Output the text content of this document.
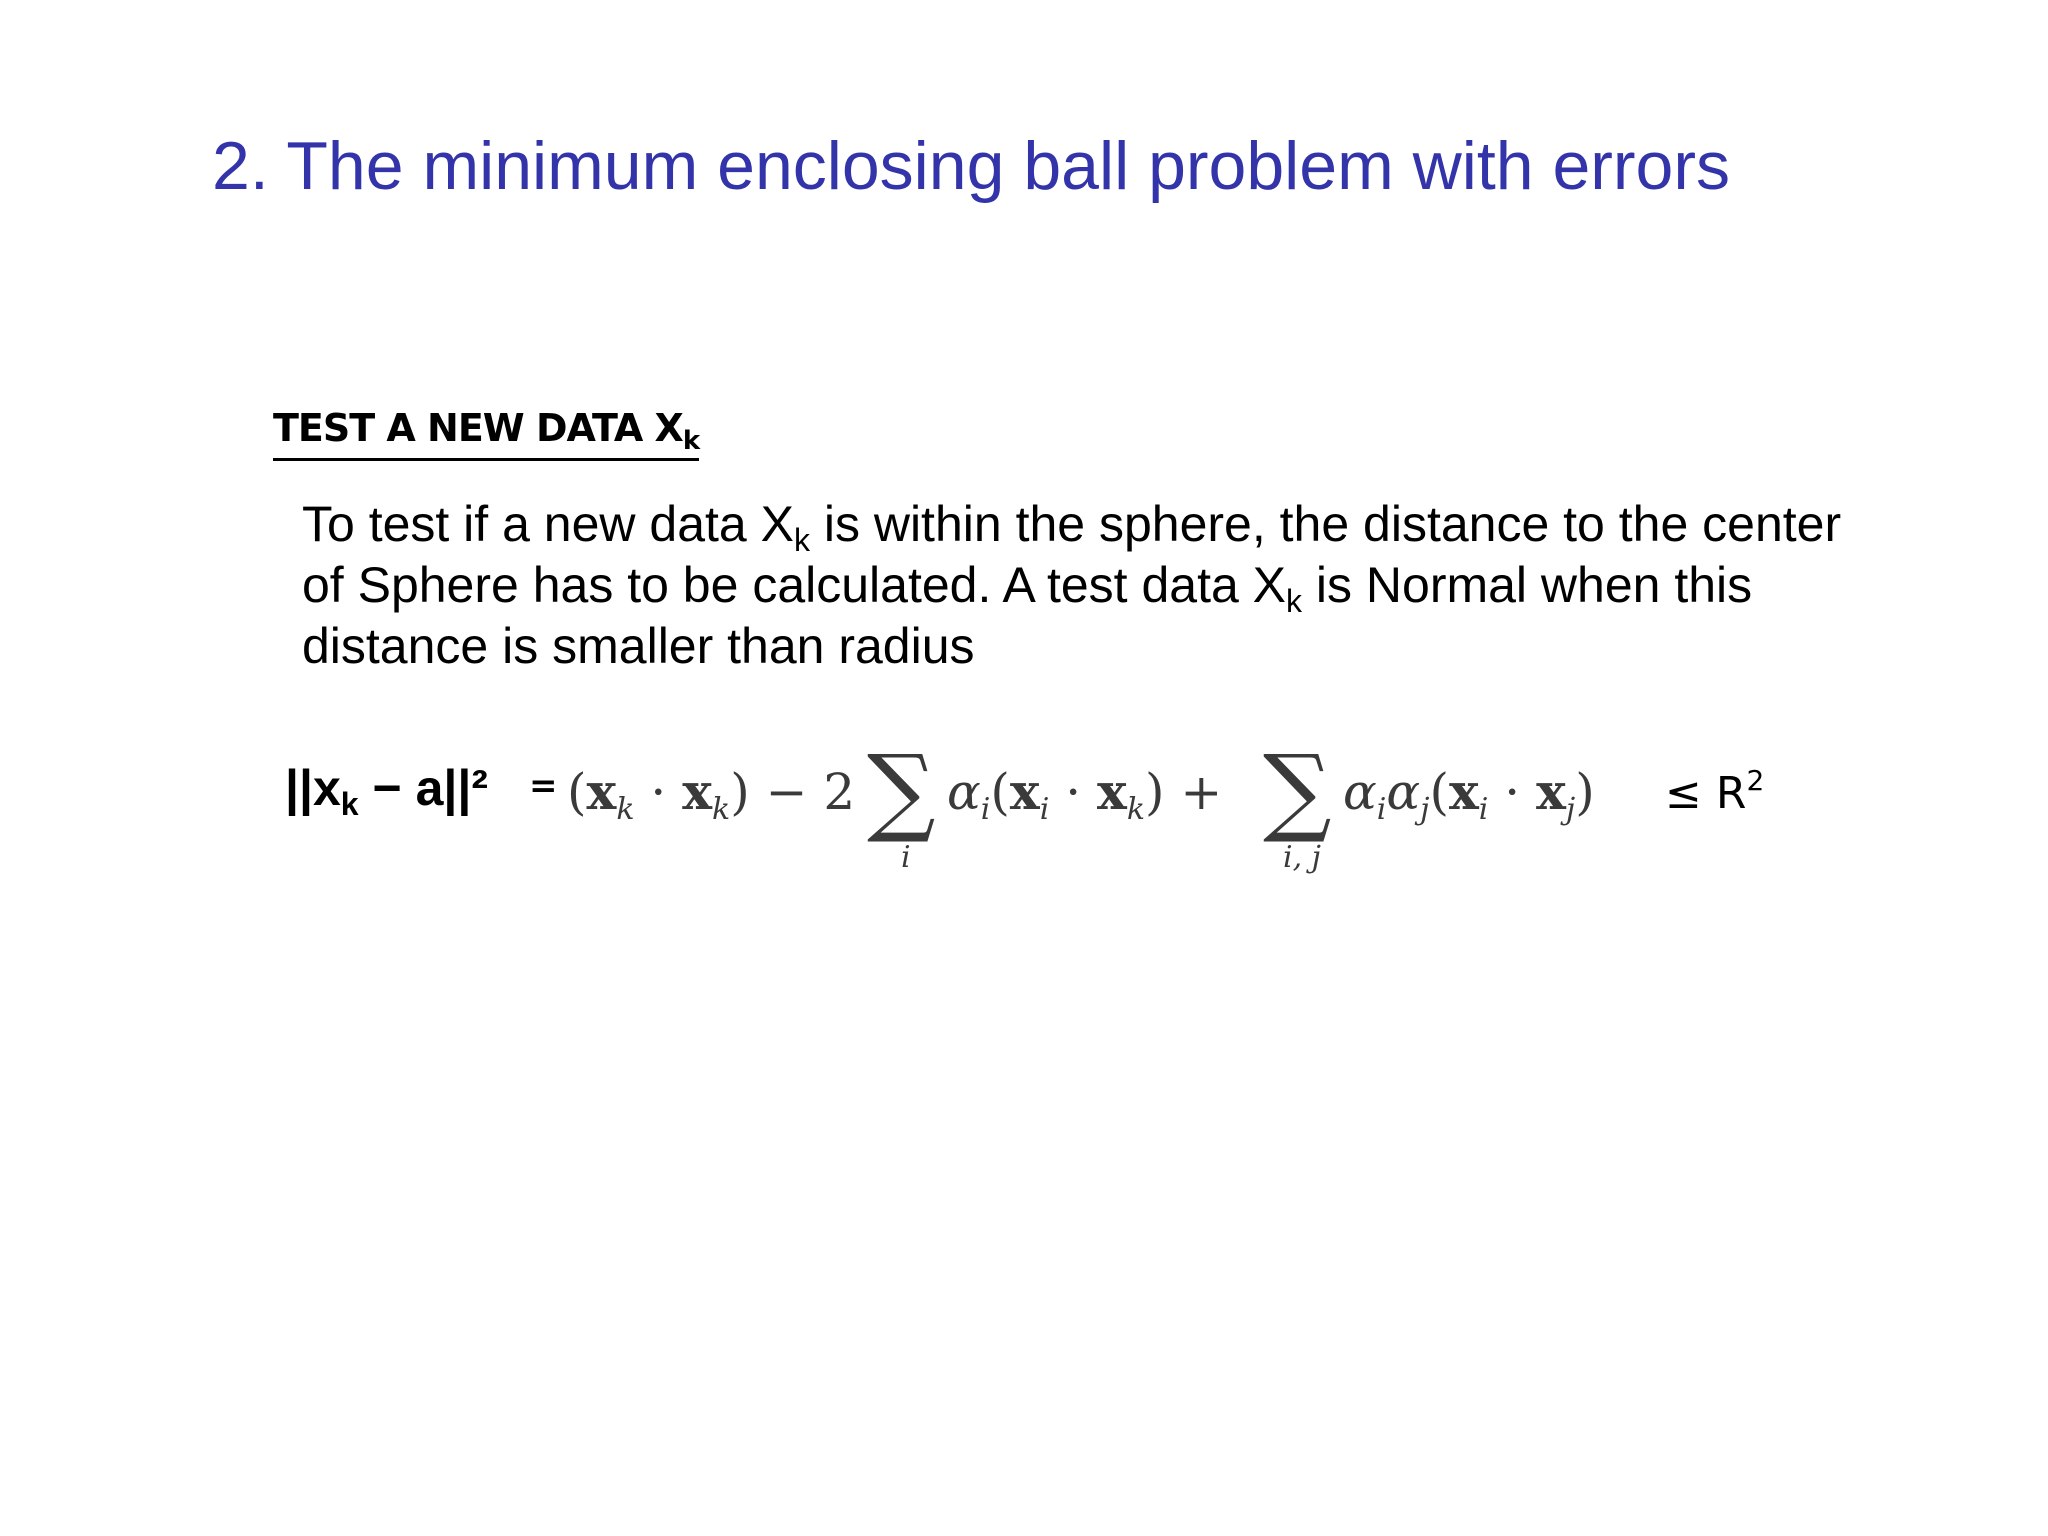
2. The minimum enclosing ball problem with errors
TEST A NEW DATA $X_k$
To test if a new data $X_k$ is within the sphere, the distance to the center
of Sphere has to be calculated. A test data $X_k$ is Normal when this
distance is smaller than radius
$||x_k - a||^2 = (x_k \cdot x_k) - 2$ ∑
i
$\alpha_i(x_i \cdot x_k)$ + ∑
i, j
$\alpha_i\alpha_j(x_i \cdot x_j) \le R^2$
